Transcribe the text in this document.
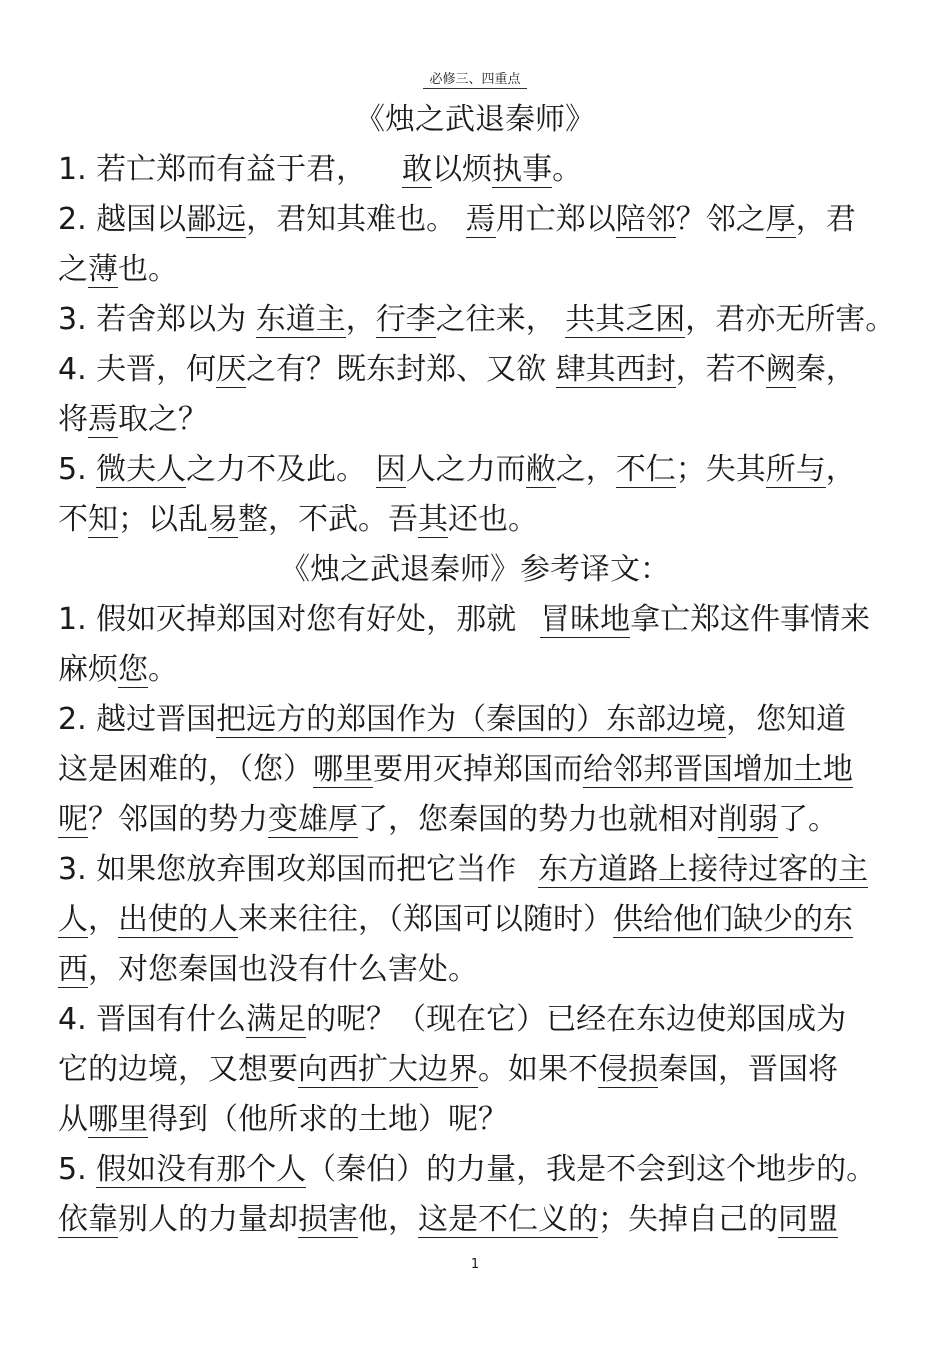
必修三、四重点
《烛之武退秦师》
1. 若亡郑而有益于君， 敢以烦执事。
2. 越国以鄙远，君知其难也。 焉用亡郑以陪邻？邻之厚，君
之薄也。
3. 若舍郑以为 东道主，行李之往来， 共其乏困，君亦无所害。
4. 夫晋，何厌之有？既东封郑、又欲 肆其西封，若不阙秦，
将焉取之？
5. 微夫人之力不及此。 因人之力而敝之，不仁；失其所与，
不知；以乱易整，不武。吾其还也。
《烛之武退秦师》参考译文：
1. 假如灭掉郑国对您有好处，那就 冒昧地拿亡郑这件事情来
麻烦您。
2. 越过晋国把远方的郑国作为（秦国的）东部边境，您知道
这是困难的，（您）哪里要用灭掉郑国而给邻邦晋国增加土地
呢？邻国的势力变雄厚了，您秦国的势力也就相对削弱了。
3. 如果您放弃围攻郑国而把它当作 东方道路上接待过客的主
人，出使的人来来往往，（郑国可以随时）供给他们缺少的东
西，对您秦国也没有什么害处。
4. 晋国有什么满足的呢？（现在它）已经在东边使郑国成为
它的边境，又想要向西扩大边界。如果不侵损秦国，晋国将
从哪里得到（他所求的土地）呢？
5. 假如没有那个人（秦伯）的力量，我是不会到这个地步的。
依靠别人的力量却损害他，这是不仁义的；失掉自己的同盟
1
